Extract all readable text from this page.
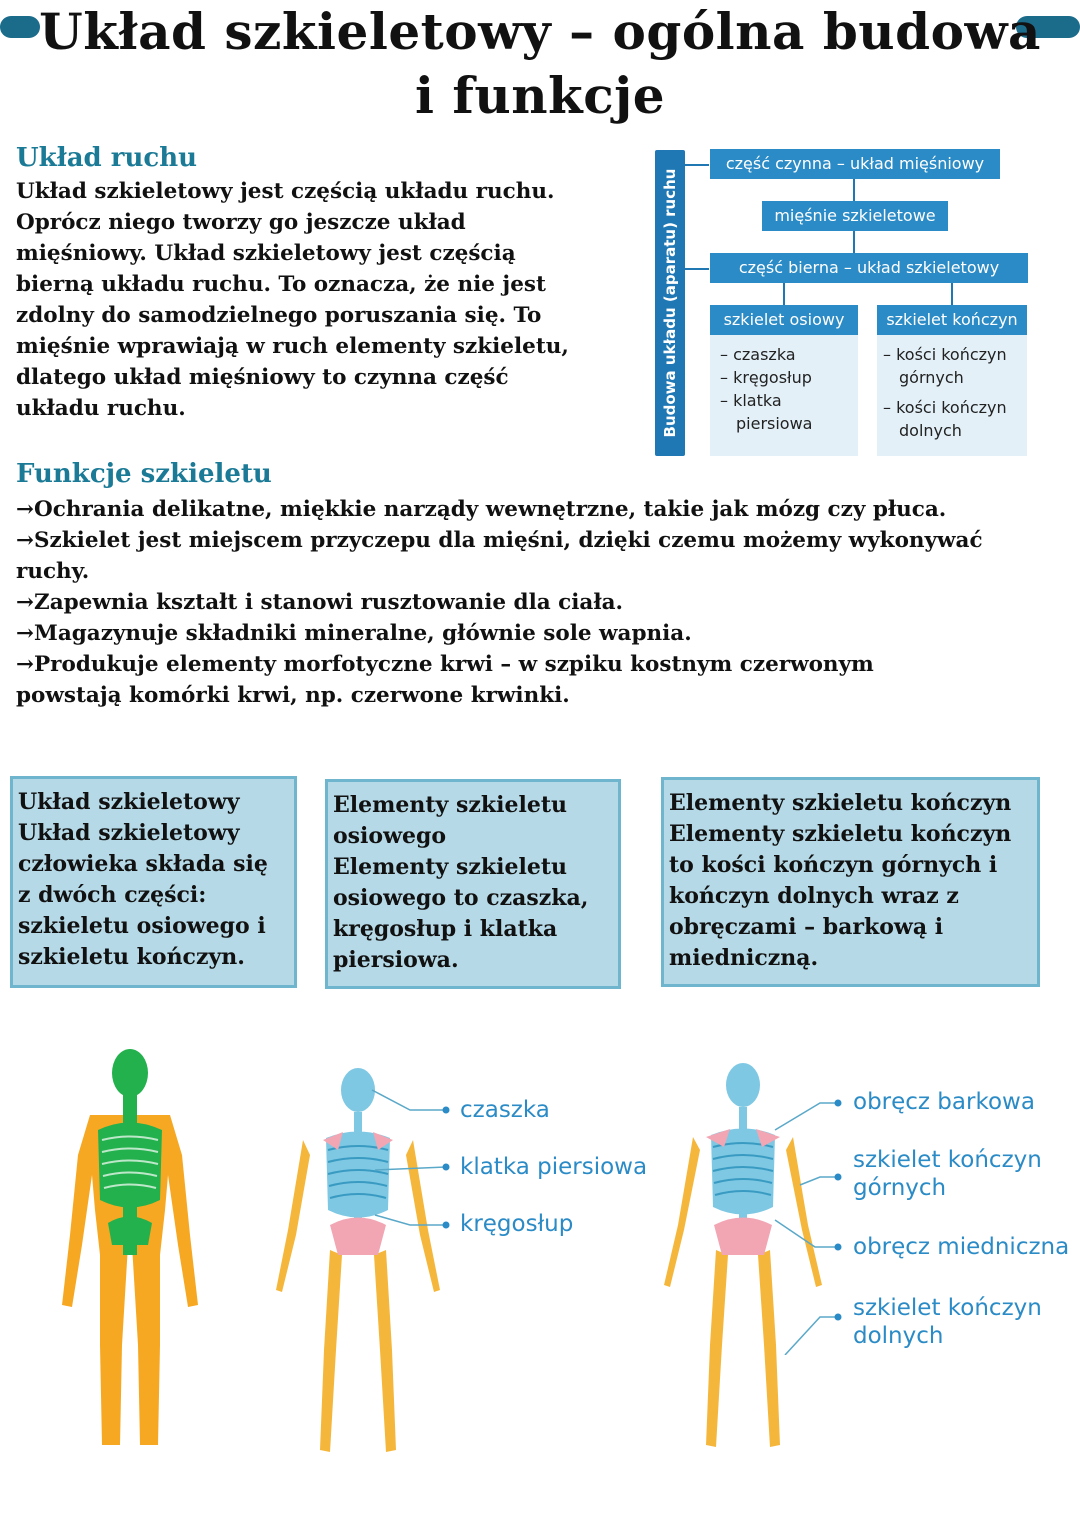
Układ szkieletowy – ogólna budowa
i funkcje
Układ ruchu
Układ szkieletowy jest częścią układu ruchu.
Oprócz niego tworzy go jeszcze układ
mięśniowy. Układ szkieletowy jest częścią
bierną układu ruchu. To oznacza, że nie jest
zdolny do samodzielnego poruszania się. To
mięśnie wprawiają w ruch elementy szkieletu,
dlatego układ mięśniowy to czynna część
układu ruchu.	Budowa układu (aparatu) ruchu
część czynna – układ mięśniowy
mięśnie szkieletowe
część bierna – układ szkieletowy
szkielet osiowy	szkielet kończyn

– czaszka

– kręgosłup

– klatka

piersiowa

– kości kończyn

górnych

– kości kończyn

dolnych

Funkcje szkieletu
→Ochrania delikatne, miękkie narządy wewnętrzne, takie jak mózg czy płuca.
→Szkielet jest miejscem przyczepu dla mięśni, dzięki czemu możemy wykonywać
ruchy.
→Zapewnia kształt i stanowi rusztowanie dla ciała.
→Magazynuje składniki mineralne, głównie sole wapnia.
→Produkuje elementy morfotyczne krwi – w szpiku kostnym czerwonym
powstają komórki krwi, np. czerwone krwinki.
Układ szkieletowy
Układ szkieletowy
człowieka składa się
z dwóch części:
szkieletu osiowego i
szkieletu kończyn.
Elementy szkieletu
osiowego
Elementy szkieletu
osiowego to czaszka,
kręgosłup i klatka
piersiowa.
Elementy szkieletu kończyn
Elementy szkieletu kończyn
to kości kończyn górnych i
kończyn dolnych wraz z
obręczami – barkową i
miedniczną.
czaszka
klatka piersiowa
kręgosłup
obręcz barkowa
szkielet kończyn
górnych
obręcz miedniczna
szkielet kończyn
dolnych
